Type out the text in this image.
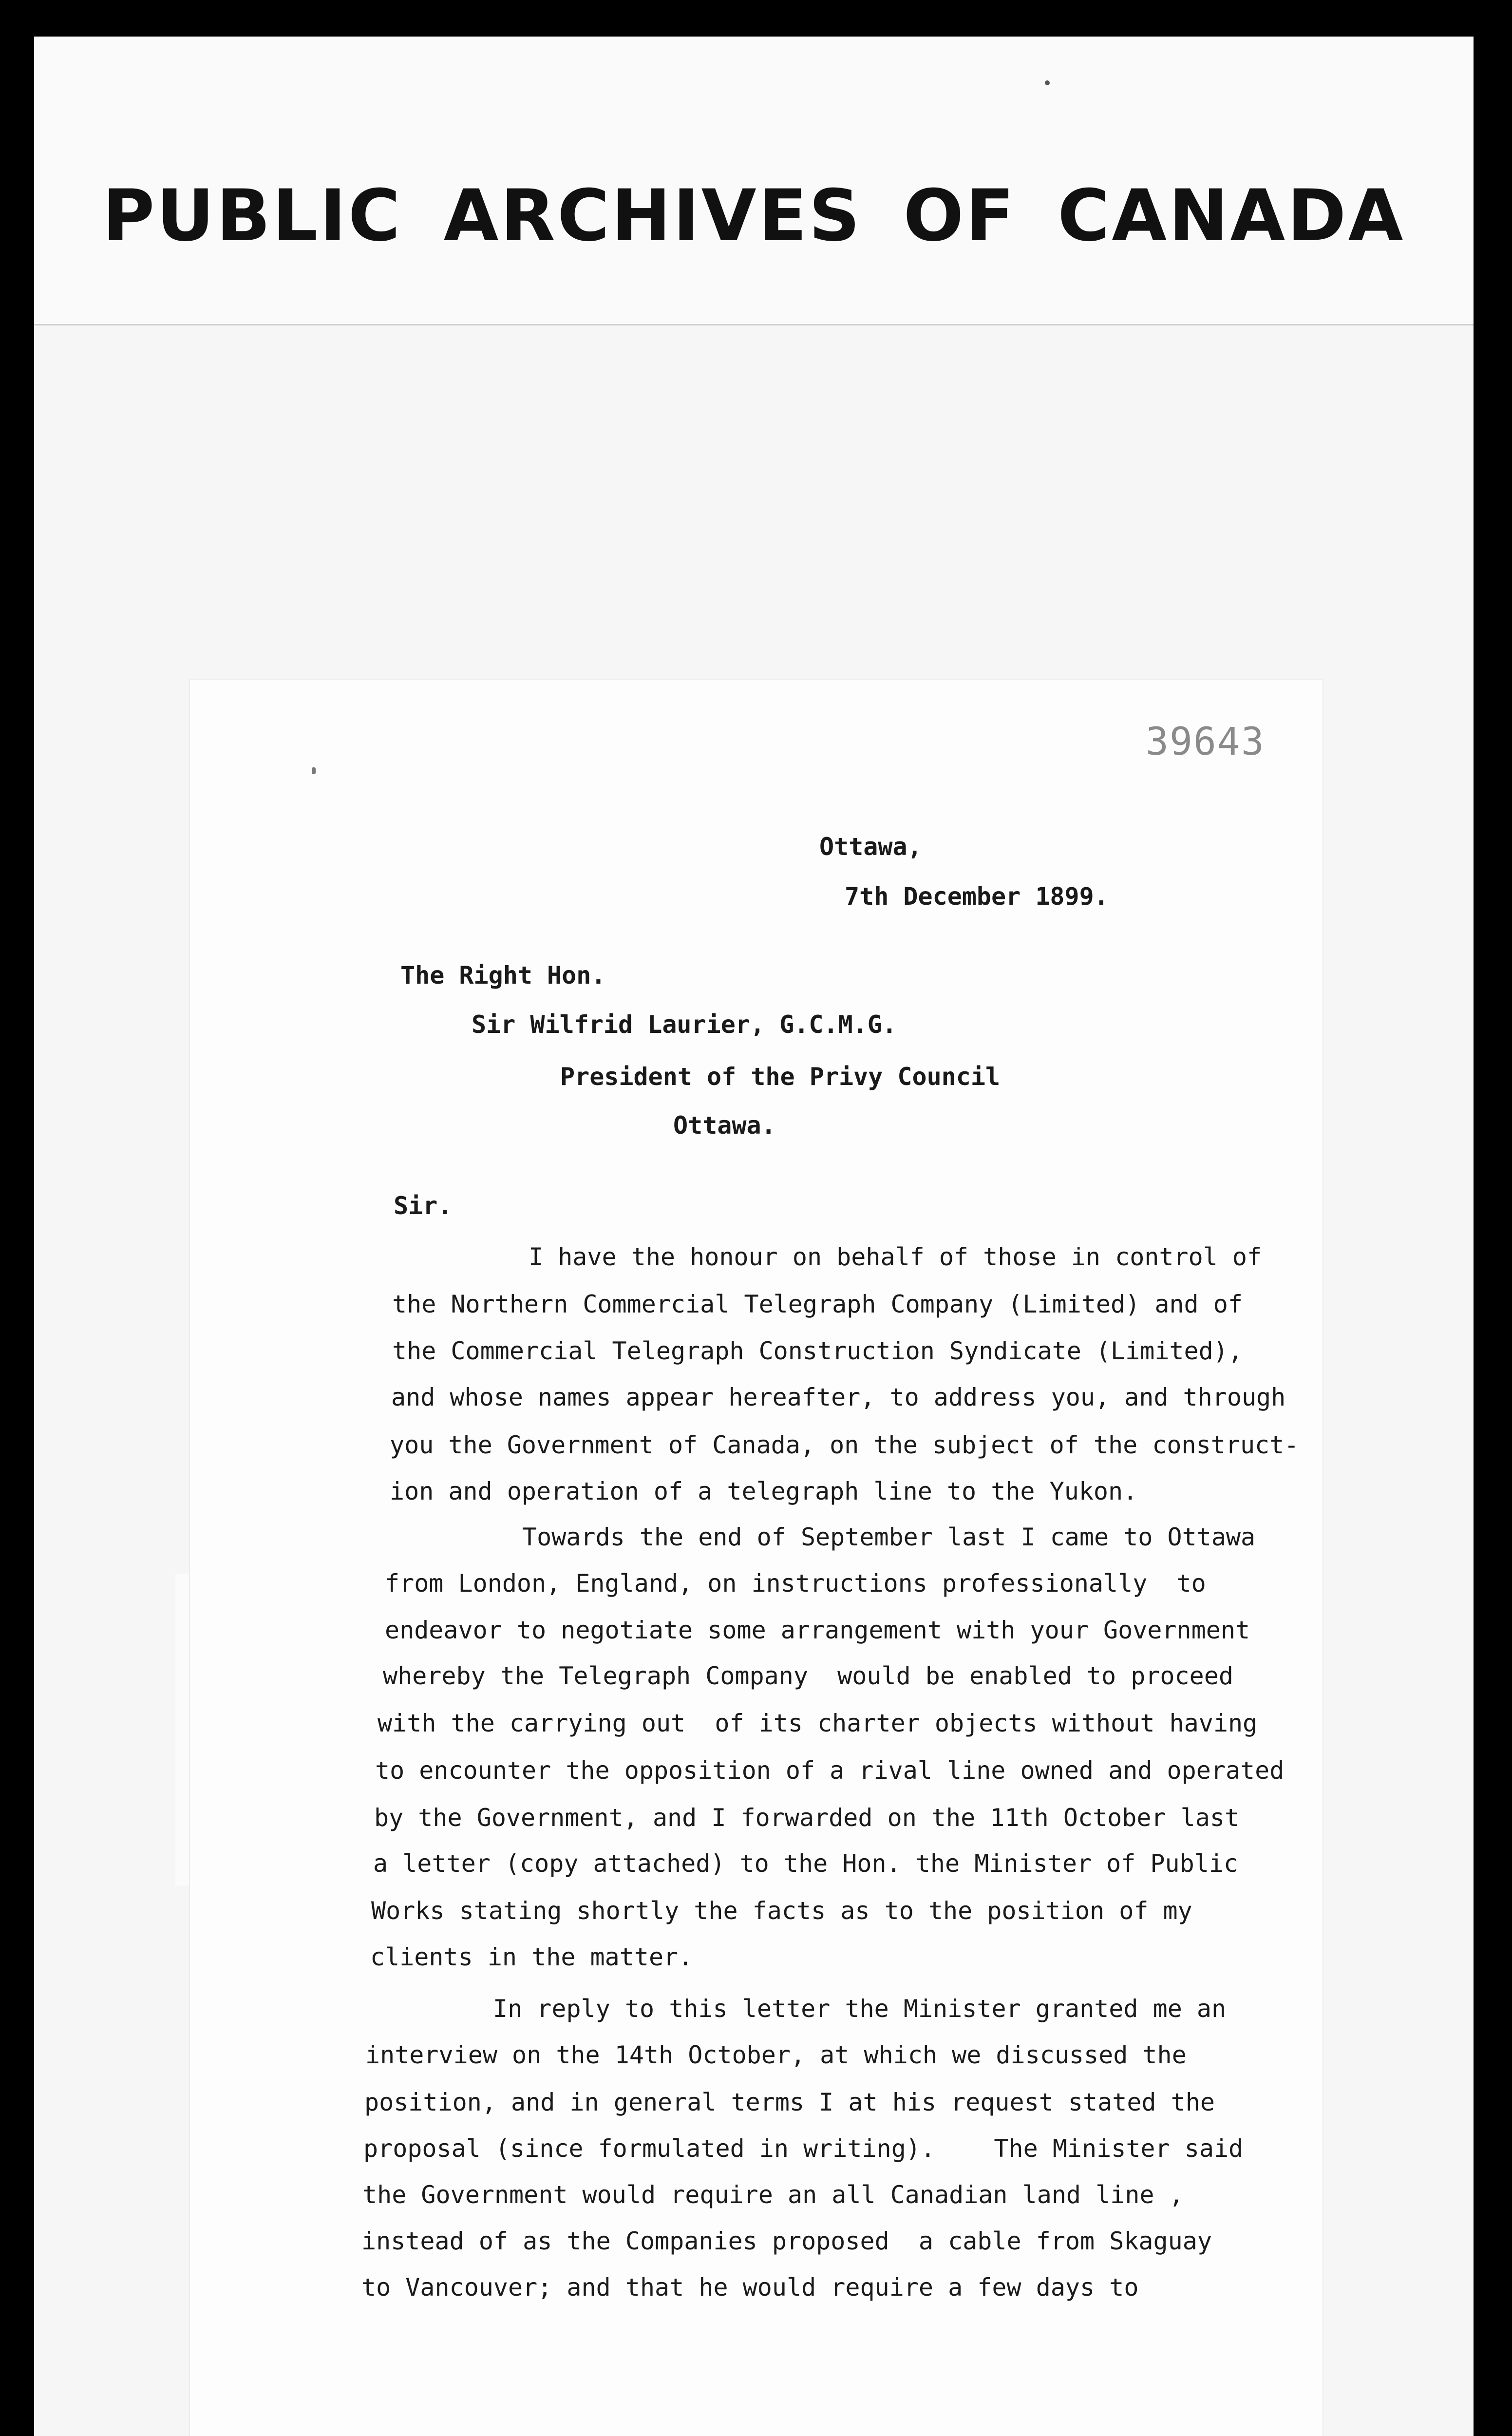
PUBLIC ARCHIVES OF CANADA
39643
Ottawa,
7th December 1899.
The Right Hon.
Sir Wilfrid Laurier, G.C.M.G.
President of the Privy Council
Ottawa.
Sir.
I have the honour on behalf of those in control of
the Northern Commercial Telegraph Company (Limited) and of
the Commercial Telegraph Construction Syndicate (Limited),
and whose names appear hereafter, to address you, and through
you the Government of Canada, on the subject of the construct-
ion and operation of a telegraph line to the Yukon.
Towards the end of September last I came to Ottawa
from London, England, on instructions professionally  to
endeavor to negotiate some arrangement with your Government
whereby the Telegraph Company  would be enabled to proceed
with the carrying out  of its charter objects without having
to encounter the opposition of a rival line owned and operated
by the Government, and I forwarded on the 11th October last
a letter (copy attached) to the Hon. the Minister of Public
Works stating shortly the facts as to the position of my
clients in the matter.
In reply to this letter the Minister granted me an
interview on the 14th October, at which we discussed the
position, and in general terms I at his request stated the
proposal (since formulated in writing).    The Minister said
the Government would require an all Canadian land line ,
instead of as the Companies proposed  a cable from Skaguay
to Vancouver; and that he would require a few days to
